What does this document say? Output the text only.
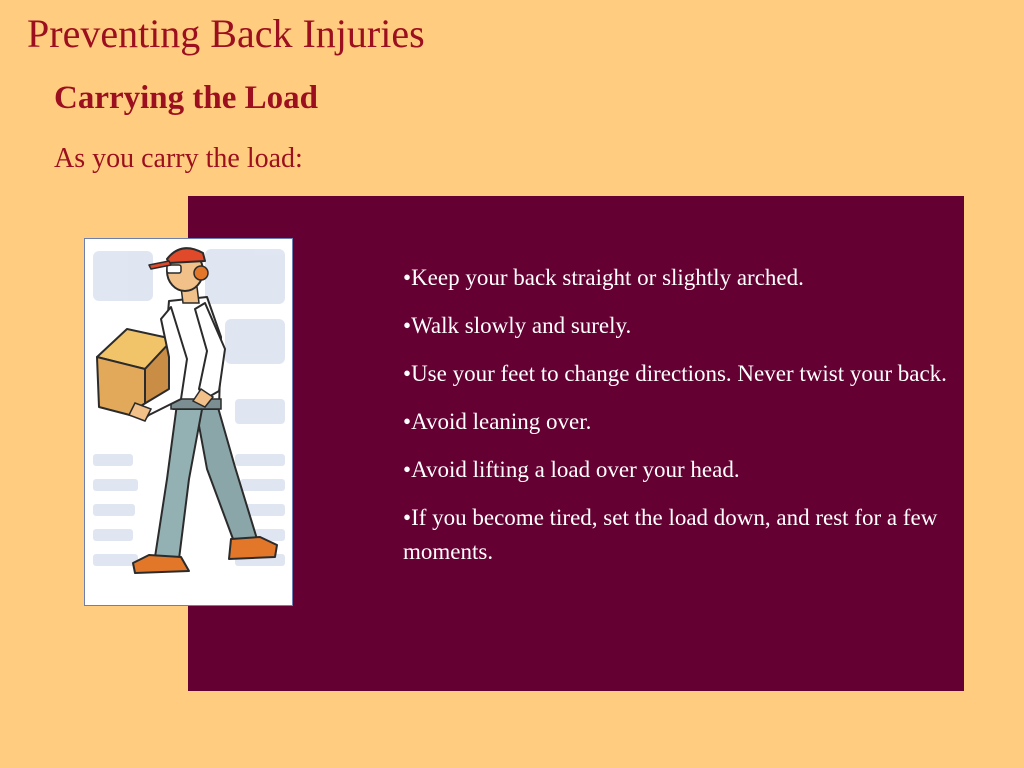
Preventing Back Injuries
Carrying the Load

As you carry the load:

•Keep your back straight or slightly arched.
•Walk slowly and surely.
•Use your feet to change directions. Never twist your back.
•Avoid leaning over.
•Avoid lifting a load over your head.
•If you become tired, set the load down, and rest for a few moments.
